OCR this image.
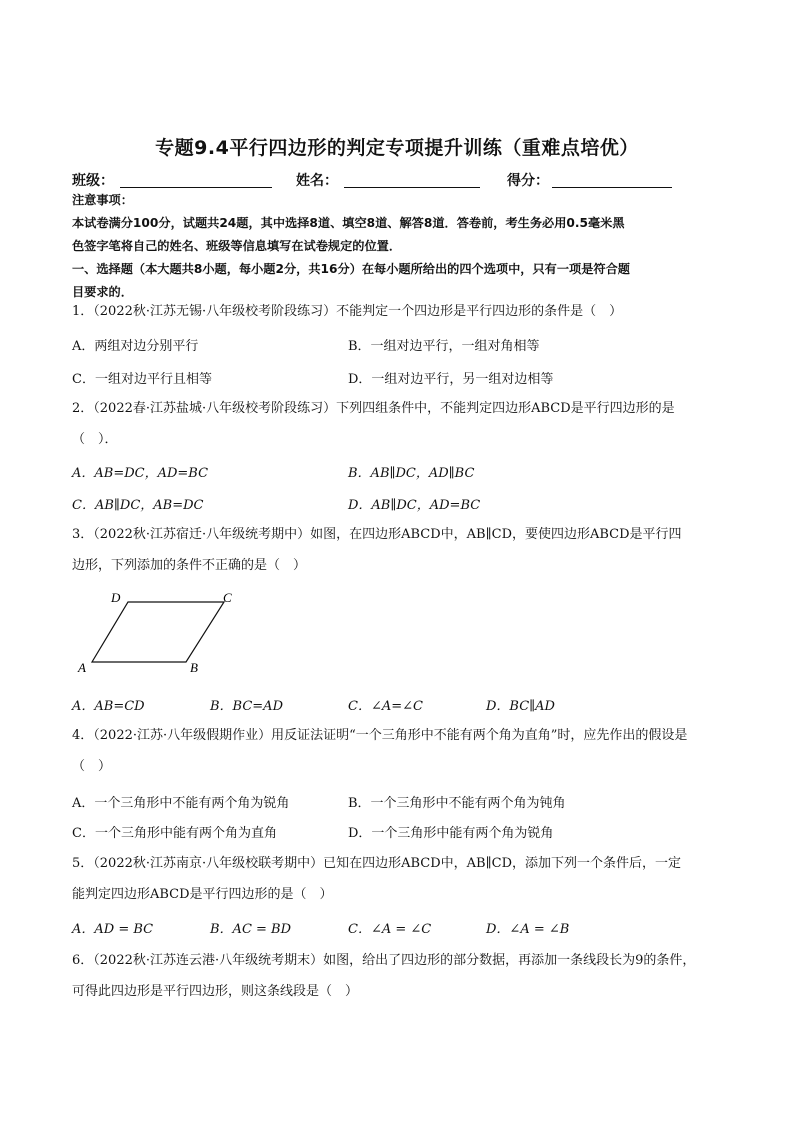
专题9.4平行四边形的判定专项提升训练（重难点培优）
班级：	姓名：	得分：
注意事项：
本试卷满分100分，试题共24题，其中选择8道、填空8道、解答8道．答卷前，考生务必用0.5毫米黑
色签字笔将自己的姓名、班级等信息填写在试卷规定的位置．
一、选择题（本大题共8小题，每小题2分，共16分）在每小题所给出的四个选项中，只有一项是符合题
目要求的．
1．（2022秋·江苏无锡·八年级校考阶段练习）不能判定一个四边形是平行四边形的条件是（　）
A．两组对边分别平行	B．一组对边平行，一组对角相等
C．一组对边平行且相等	D．一组对边平行，另一组对边相等
2．（2022春·江苏盐城·八年级校考阶段练习）下列四组条件中，不能判定四边形ABCD是平行四边形的是
（　）．
A．AB=DC，AD=BC	B．AB∥DC，AD∥BC
C．AB∥DC，AB=DC	D．AB∥DC，AD=BC
3．（2022秋·江苏宿迁·八年级统考期中）如图，在四边形ABCD中，AB∥CD，要使四边形ABCD是平行四
边形，下列添加的条件不正确的是（　）
A	B
C
D
A．AB=CD	B．BC=AD	C．∠A=∠C	D．BC∥AD
4．（2022·江苏·八年级假期作业）用反证法证明“一个三角形中不能有两个角为直角”时，应先作出的假设是
（　）
A．一个三角形中不能有两个角为锐角	B．一个三角形中不能有两个角为钝角
C．一个三角形中能有两个角为直角	D．一个三角形中能有两个角为锐角
5．（2022秋·江苏南京·八年级校联考期中）已知在四边形ABCD中，AB∥CD，添加下列一个条件后，一定
能判定四边形ABCD是平行四边形的是（　）
A．AD = BC	B．AC = BD	C．∠A = ∠C	D．∠A = ∠B
6．（2022秋·江苏连云港·八年级统考期末）如图，给出了四边形的部分数据，再添加一条线段长为9的条件，
可得此四边形是平行四边形，则这条线段是（　）
